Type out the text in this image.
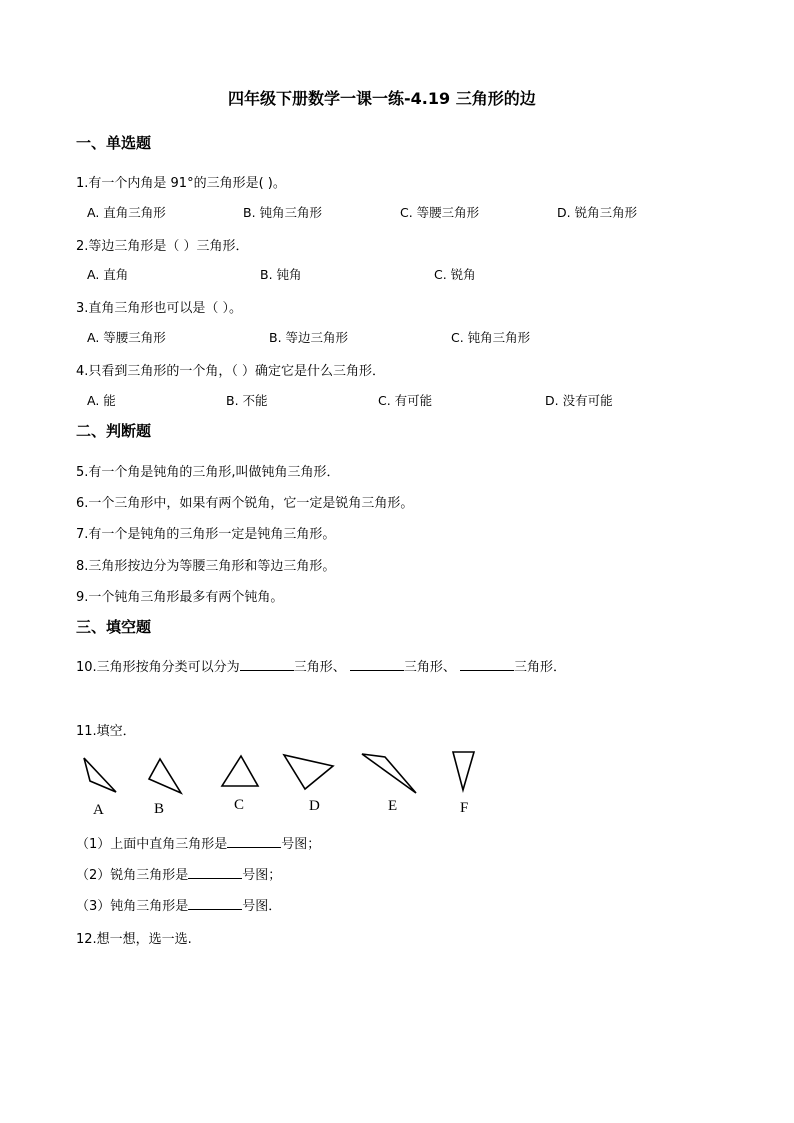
四年级下册数学一课一练-4.19 三角形的边
一、单选题
1.有一个内角是 91°的三角形是( )。
A. 直角三角形	B. 钝角三角形	C. 等腰三角形	D. 锐角三角形
2.等边三角形是（ ）三角形．
A. 直角	B. 钝角	C. 锐角
3.直角三角形也可以是（ ）。
A. 等腰三角形	B. 等边三角形	C. 钝角三角形
4.只看到三角形的一个角，（ ）确定它是什么三角形．
A. 能	B. 不能	C. 有可能	D. 没有可能
二、判断题
5.有一个角是钝角的三角形,叫做钝角三角形．
6.一个三角形中，如果有两个锐角，它一定是锐角三角形。
7.有一个是钝角的三角形一定是钝角三角形。
8.三角形按边分为等腰三角形和等边三角形。
9.一个钝角三角形最多有两个钝角。
三、填空题
10.三角形按角分类可以分为	三角形、	三角形、	三角形．
11.填空．
A	B	C	D	E	F
（1）上面中直角三角形是	号图；
（2）锐角三角形是	号图；
（3）钝角三角形是	号图．
12.想一想，选一选.
